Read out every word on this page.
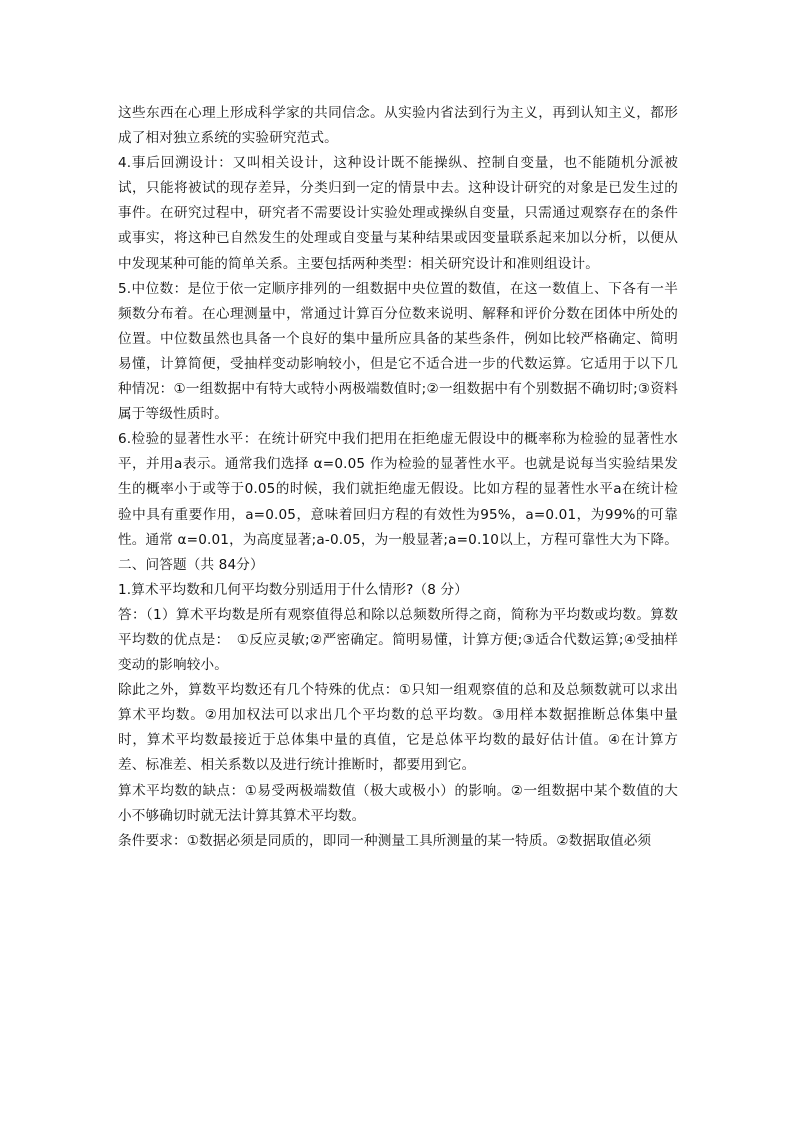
这些东西在心理上形成科学家的共同信念。从实验内省法到行为主义，再到认知主义，都形成了相对独立系统的实验研究范式。

4.事后回溯设计：又叫相关设计，这种设计既不能操纵、控制自变量，也不能随机分派被试，只能将被试的现存差异，分类归到一定的情景中去。这种设计研究的对象是已发生过的事件。在研究过程中，研究者不需要设计实验处理或操纵自变量，只需通过观察存在的条件或事实，将这种已自然发生的处理或自变量与某种结果或因变量联系起来加以分析，以便从中发现某种可能的简单关系。主要包括两种类型：相关研究设计和准则组设计。

5.中位数：是位于依一定顺序排列的一组数据中央位置的数值，在这一数值上、下各有一半频数分布着。在心理测量中，常通过计算百分位数来说明、解释和评价分数在团体中所处的位置。中位数虽然也具备一个良好的集中量所应具备的某些条件，例如比较严格确定、简明易懂，计算简便，受抽样变动影响较小，但是它不适合进一步的代数运算。它适用于以下几种情况：①一组数据中有特大或特小两极端数值时;②一组数据中有个别数据不确切时;③资料属于等级性质时。

6.检验的显著性水平：在统计研究中我们把用在拒绝虚无假设中的概率称为检验的显著性水平，并用a表示。通常我们选择 α=0.05 作为检验的显著性水平。也就是说每当实验结果发生的概率小于或等于0.05的时候，我们就拒绝虚无假设。比如方程的显著性水平a在统计检验中具有重要作用，a=0.05，意味着回归方程的有效性为95%，a=0.01，为99%的可靠性。通常 α=0.01，为高度显著;a-0.05，为一般显著;a=0.10以上，方程可靠性大为下降。二、问答题（共 84分）

1.算术平均数和几何平均数分别适用于什么情形?（8 分）

答：（1）算术平均数是所有观察值得总和除以总频数所得之商，简称为平均数或均数。算数平均数的优点是：　①反应灵敏;②严密确定。简明易懂，计算方便;③适合代数运算;④受抽样变动的影响较小。

除此之外，算数平均数还有几个特殊的优点：①只知一组观察值的总和及总频数就可以求出算术平均数。②用加权法可以求出几个平均数的总平均数。③用样本数据推断总体集中量时，算术平均数最接近于总体集中量的真值，它是总体平均数的最好估计值。④在计算方差、标准差、相关系数以及进行统计推断时，都要用到它。

算术平均数的缺点：①易受两极端数值（极大或极小）的影响。②一组数据中某个数值的大小不够确切时就无法计算其算术平均数。

条件要求：①数据必须是同质的，即同一种测量工具所测量的某一特质。②数据取值必须
